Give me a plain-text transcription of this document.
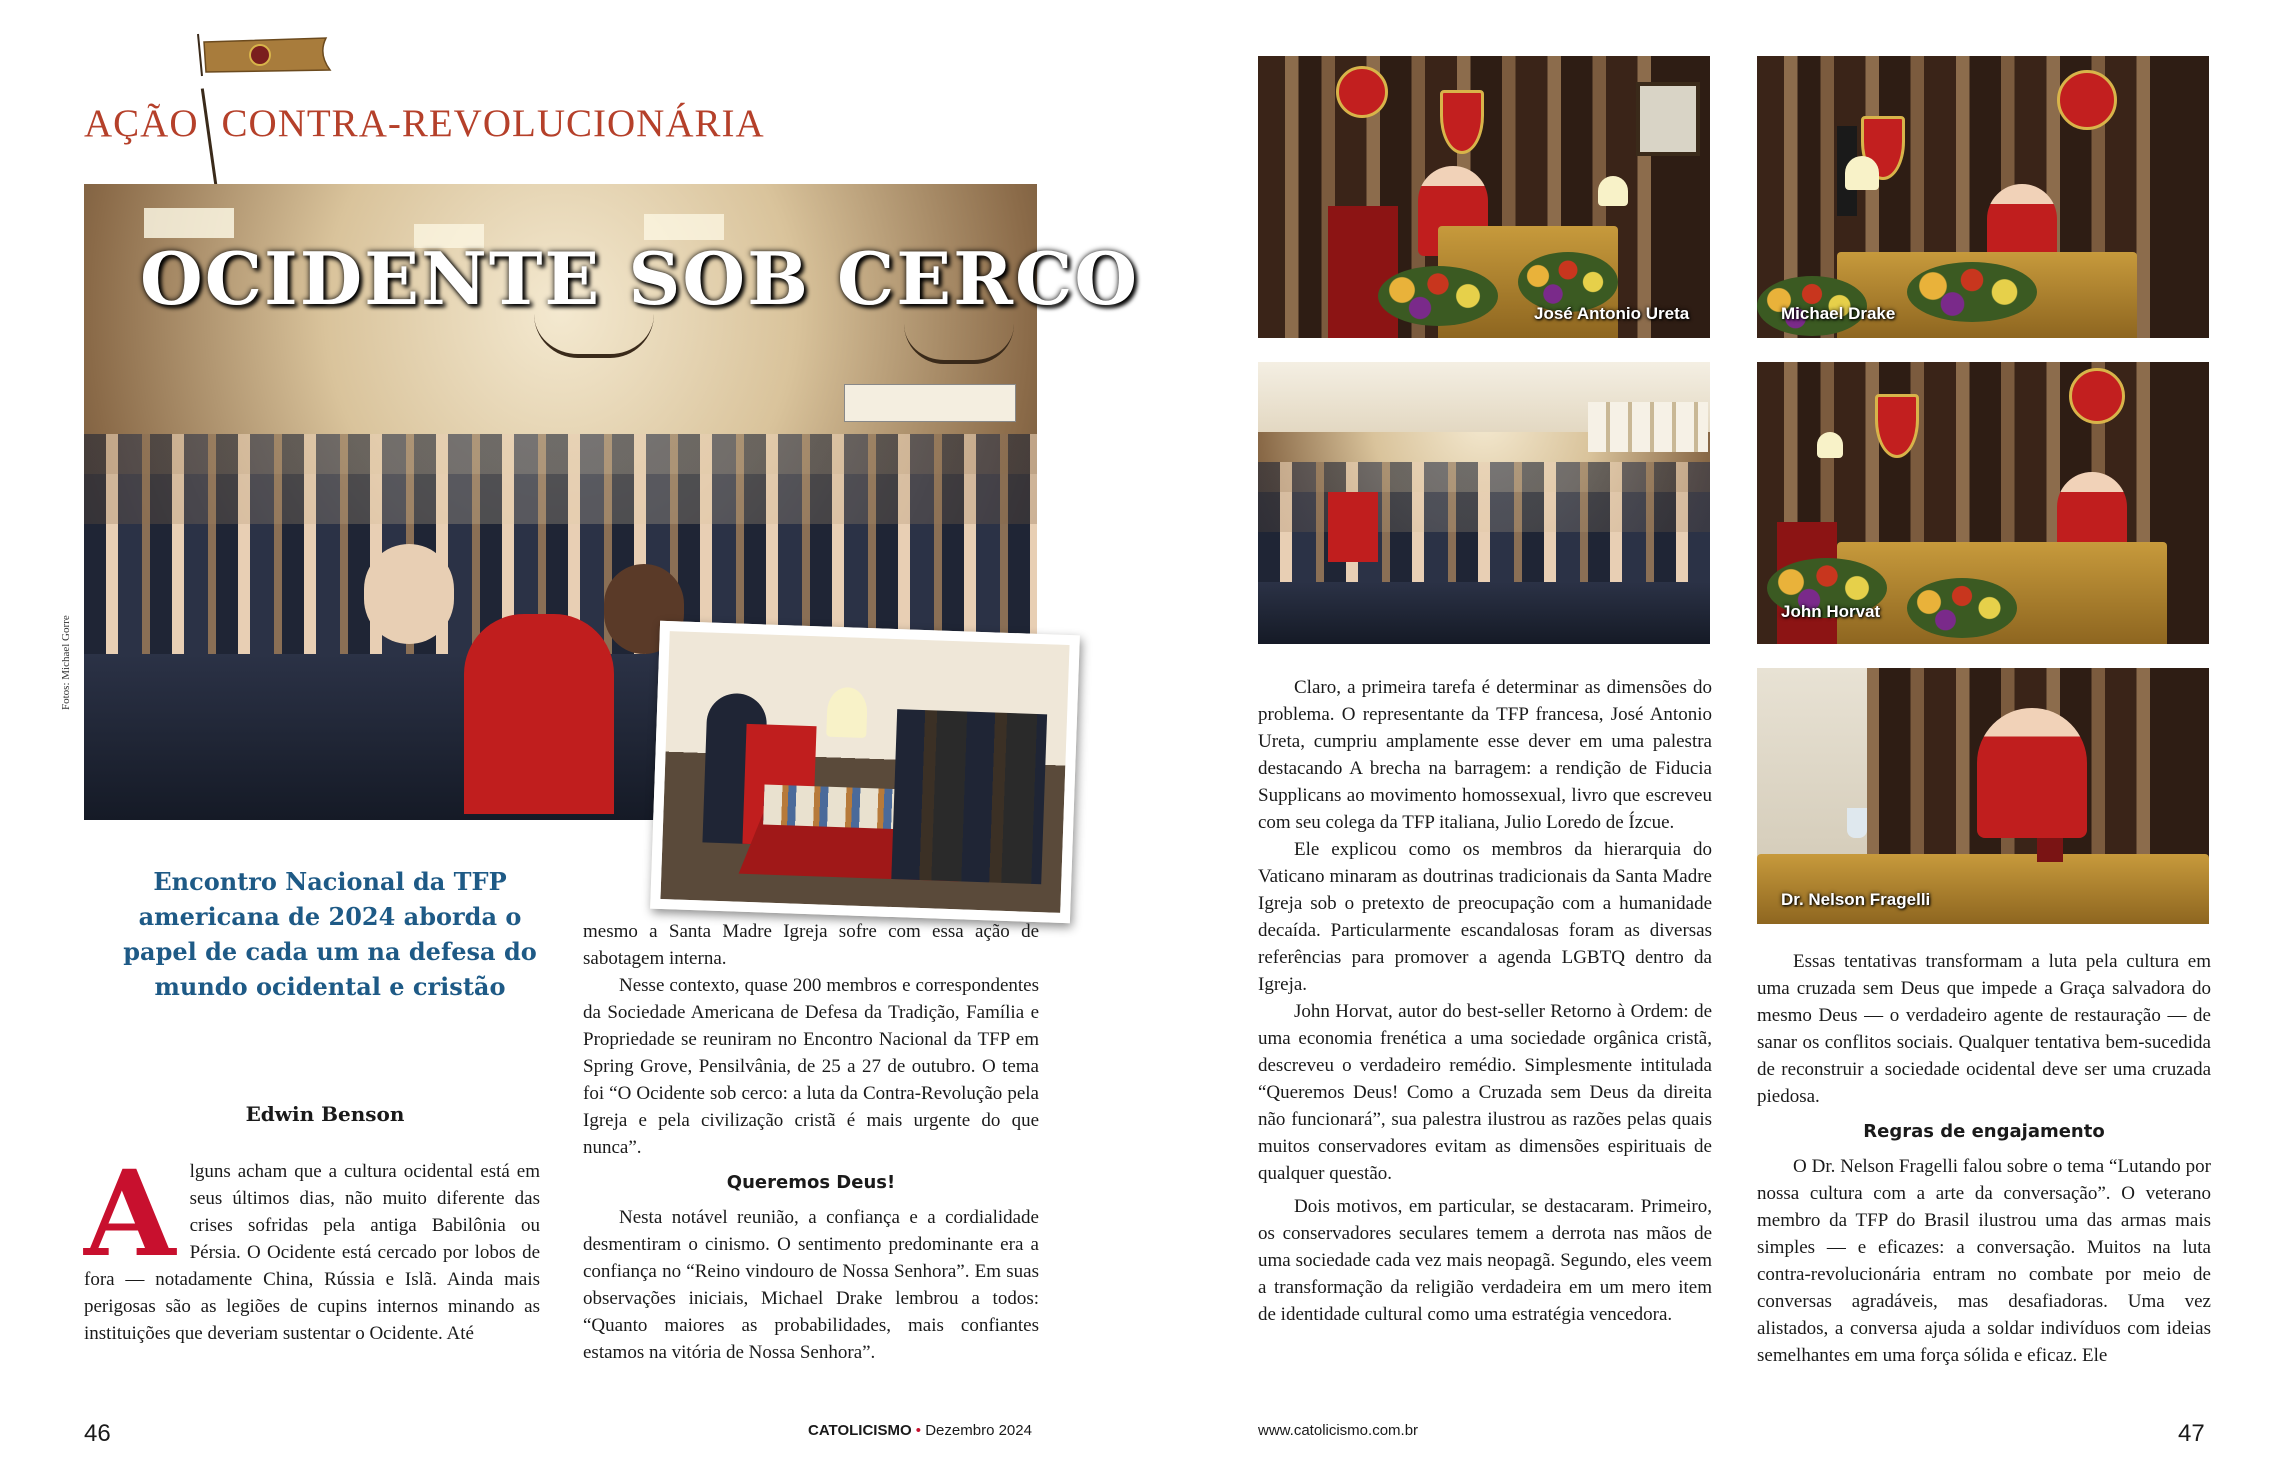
AÇÃO CONTRA-REVOLUCIONÁRIA
OCIDENTE SOB CERCO
Fotos: Michael Gorre
Encontro Nacional da TFP americana de 2024 aborda o papel de cada um na defesa do mundo ocidental e cristão
Edwin Benson

Alguns acham que a cultura ocidental está em seus últimos dias, não muito diferente das crises sofridas pela antiga Babilônia ou Pérsia. O Ocidente está cercado por lobos de fora — notadamente China, Rússia e Islã. Ainda mais perigosas são as legiões de cupins internos minando as instituições que deveriam sustentar o Ocidente. Até

mesmo a Santa Madre Igreja sofre com essa ação de sabotagem interna.

Nesse contexto, quase 200 membros e correspondentes da Sociedade Americana de Defesa da Tradição, Família e Propriedade se reuniram no Encontro Nacional da TFP em Spring Grove, Pensilvânia, de 25 a 27 de outubro. O tema foi “O Ocidente sob cerco: a luta da Contra-Revolução pela Igreja e pela civilização cristã é mais urgente do que nunca”.

Queremos Deus!

Nesta notável reunião, a confiança e a cordialidade desmentiram o cinismo. O sentimento predominante era a confiança no “Reino vindouro de Nossa Senhora”. Em suas observações iniciais, Michael Drake lembrou a todos: “Quanto maiores as probabilidades, mais confiantes estamos na vitória de Nossa Senhora”.

46	CATOLICISMO • Dezembro 2024
José Antonio Ureta	Michael Drake
John Horvat
Dr. Nelson Fragelli

Claro, a primeira tarefa é determinar as dimensões do problema. O representante da TFP francesa, José Antonio Ureta, cumpriu amplamente esse dever em uma palestra destacando A brecha na barragem: a rendição de Fiducia Supplicans ao movimento homossexual, livro que escreveu com seu colega da TFP italiana, Julio Loredo de Ízcue.

Ele explicou como os membros da hierarquia do Vaticano minaram as doutrinas tradicionais da Santa Madre Igreja sob o pretexto de preocupação com a humanidade decaída. Particularmente escandalosas foram as diversas referências para promover a agenda LGBTQ dentro da Igreja.

John Horvat, autor do best-seller Retorno à Ordem: de uma economia frenética a uma sociedade orgânica cristã, descreveu o verdadeiro remédio. Simplesmente intitulada “Queremos Deus! Como a Cruzada sem Deus da direita não funcionará”, sua palestra ilustrou as razões pelas quais muitos conservadores evitam as dimensões espirituais de qualquer questão.

Dois motivos, em particular, se destacaram. Primeiro, os conservadores seculares temem a derrota nas mãos de uma sociedade cada vez mais neopagã. Segundo, eles veem a transformação da religião verdadeira em um mero item de identidade cultural como uma estratégia vencedora.

Essas tentativas transformam a luta pela cultura em uma cruzada sem Deus que impede a Graça salvadora do mesmo Deus — o verdadeiro agente de restauração — de sanar os conflitos sociais. Qualquer tentativa bem-sucedida de reconstruir a sociedade ocidental deve ser uma cruzada piedosa.

Regras de engajamento

O Dr. Nelson Fragelli falou sobre o tema “Lutando por nossa cultura com a arte da conversação”. O veterano membro da TFP do Brasil ilustrou uma das armas mais simples — e eficazes: a conversação. Muitos na luta contra-revolucionária entram no combate por meio de conversas agradáveis, mas desafiadoras. Uma vez alistados, a conversa ajuda a soldar indivíduos com ideias semelhantes em uma força sólida e eficaz. Ele

www.catolicismo.com.br	47
